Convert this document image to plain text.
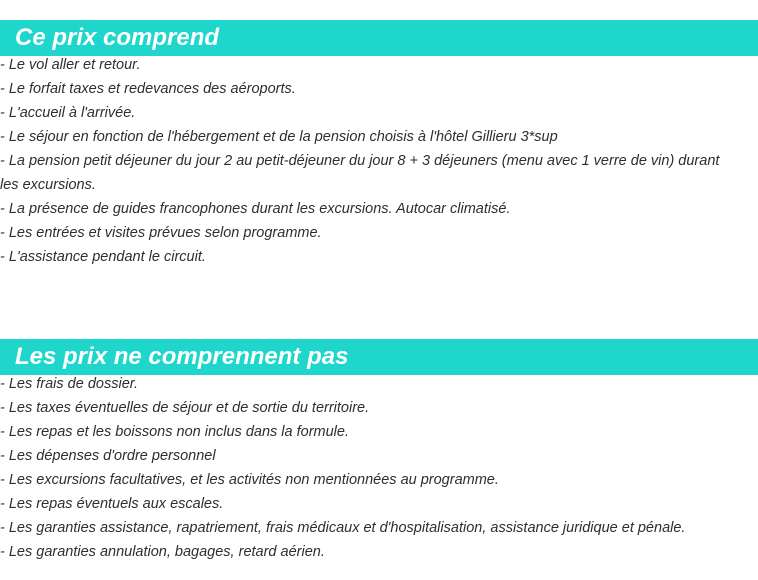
Ce prix comprend
- Le vol aller et retour.
- Le forfait taxes et redevances des aéroports.
- L'accueil à l'arrivée.
- Le séjour en fonction de l'hébergement et de la pension choisis à l'hôtel Gillieru 3*sup
- La pension petit déjeuner du jour 2 au petit-déjeuner du jour 8 + 3 déjeuners (menu avec 1 verre de vin) durant les excursions.
- La présence de guides francophones durant les excursions. Autocar climatisé.
- Les entrées et visites prévues selon programme.
- L'assistance pendant le circuit.
Les prix ne comprennent pas
- Les frais de dossier.
- Les taxes éventuelles de séjour et de sortie du territoire.
- Les repas et les boissons non inclus dans la formule.
- Les dépenses d'ordre personnel
- Les excursions facultatives, et les activités non mentionnées au programme.
- Les repas éventuels aux escales.
- Les garanties assistance, rapatriement, frais médicaux et d'hospitalisation, assistance juridique et pénale.
- Les garanties annulation, bagages, retard aérien.
